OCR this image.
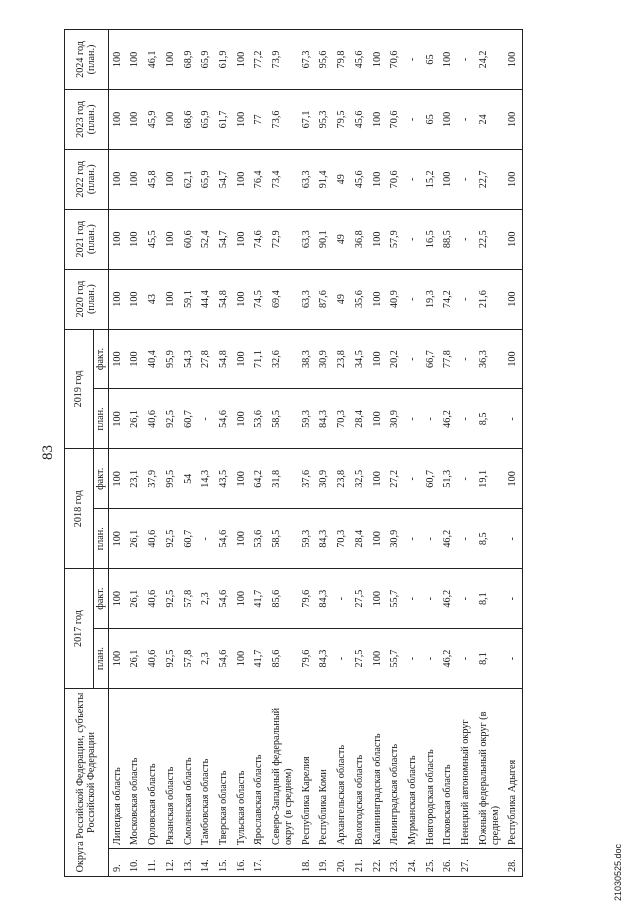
83
Округа Российской Федерации, субъекты Российской Федерации		2017 год		2018 год		2019 год		2020 год (план.)	2021 год (план.)	2022 год (план.)	2023 год (план.)	2024 год (план.)
		план.	факт.	план.	факт.	план.	факт.					
9.	Липецкая область	100	100	100	100	100	100	100	100	100	100	100
10.	Московская область	26,1	26,1	26,1	23,1	26,1	100	100	100	100	100	100
11.	Орловская область	40,6	40,6	40,6	37,9	40,6	40,4	43	45,5	45,8	45,9	46,1
12.	Рязанская область	92,5	92,5	92,5	99,5	92,5	95,9	100	100	100	100	100
13.	Смоленская область	57,8	57,8	60,7	54	60,7	54,3	59,1	60,6	62,1	68,6	68,9
14.	Тамбовская область	2,3	2,3	-	14,3	-	27,8	44,4	52,4	65,9	65,9	65,9
15.	Тверская область	54,6	54,6	54,6	43,5	54,6	54,8	54,8	54,7	54,7	61,7	61,9
16.	Тульская область	100	100	100	100	100	100	100	100	100	100	100
17.	Ярославская область	41,7	41,7	53,6	64,2	53,6	71,1	74,5	74,6	76,4	77	77,2
	Северо-Западный федеральный округ (в среднем)	85,6	85,6	58,5	31,8	58,5	32,6	69,4	72,9	73,4	73,6	73,9
18.	Республика Карелия	79,6	79,6	59,3	37,6	59,3	38,3	63,3	63,3	63,3	67,1	67,3
19.	Республика Коми	84,3	84,3	84,3	30,9	84,3	30,9	87,6	90,1	91,4	95,3	95,6
20.	Архангельская область	-	-	70,3	23,8	70,3	23,8	49	49	49	79,5	79,8
21.	Вологодская область	27,5	27,5	28,4	32,5	28,4	34,5	35,6	36,8	45,6	45,6	45,6
22.	Калининградская область	100	100	100	100	100	100	100	100	100	100	100
23.	Ленинградская область	55,7	55,7	30,9	27,2	30,9	20,2	40,9	57,9	70,6	70,6	70,6
24.	Мурманская область	-	-	-	-	-	-	-	-	-	-	-
25.	Новгородская область	-	-	-	60,7	-	66,7	19,3	16,5	15,2	65	65
26.	Псковская область	46,2	46,2	46,2	51,3	46,2	77,8	74,2	88,5	100	100	100
27.	Ненецкий автономный округ	-	-	-	-	-	-	-	-	-	-	-
	Южный федеральный округ (в среднем)	8,1	8,1	8,5	19,1	8,5	36,3	21,6	22,5	22,7	24	24,2
28.	Республика Адыгея	-	-	-	100	-	100	100	100	100	100	100
21030525.doc
